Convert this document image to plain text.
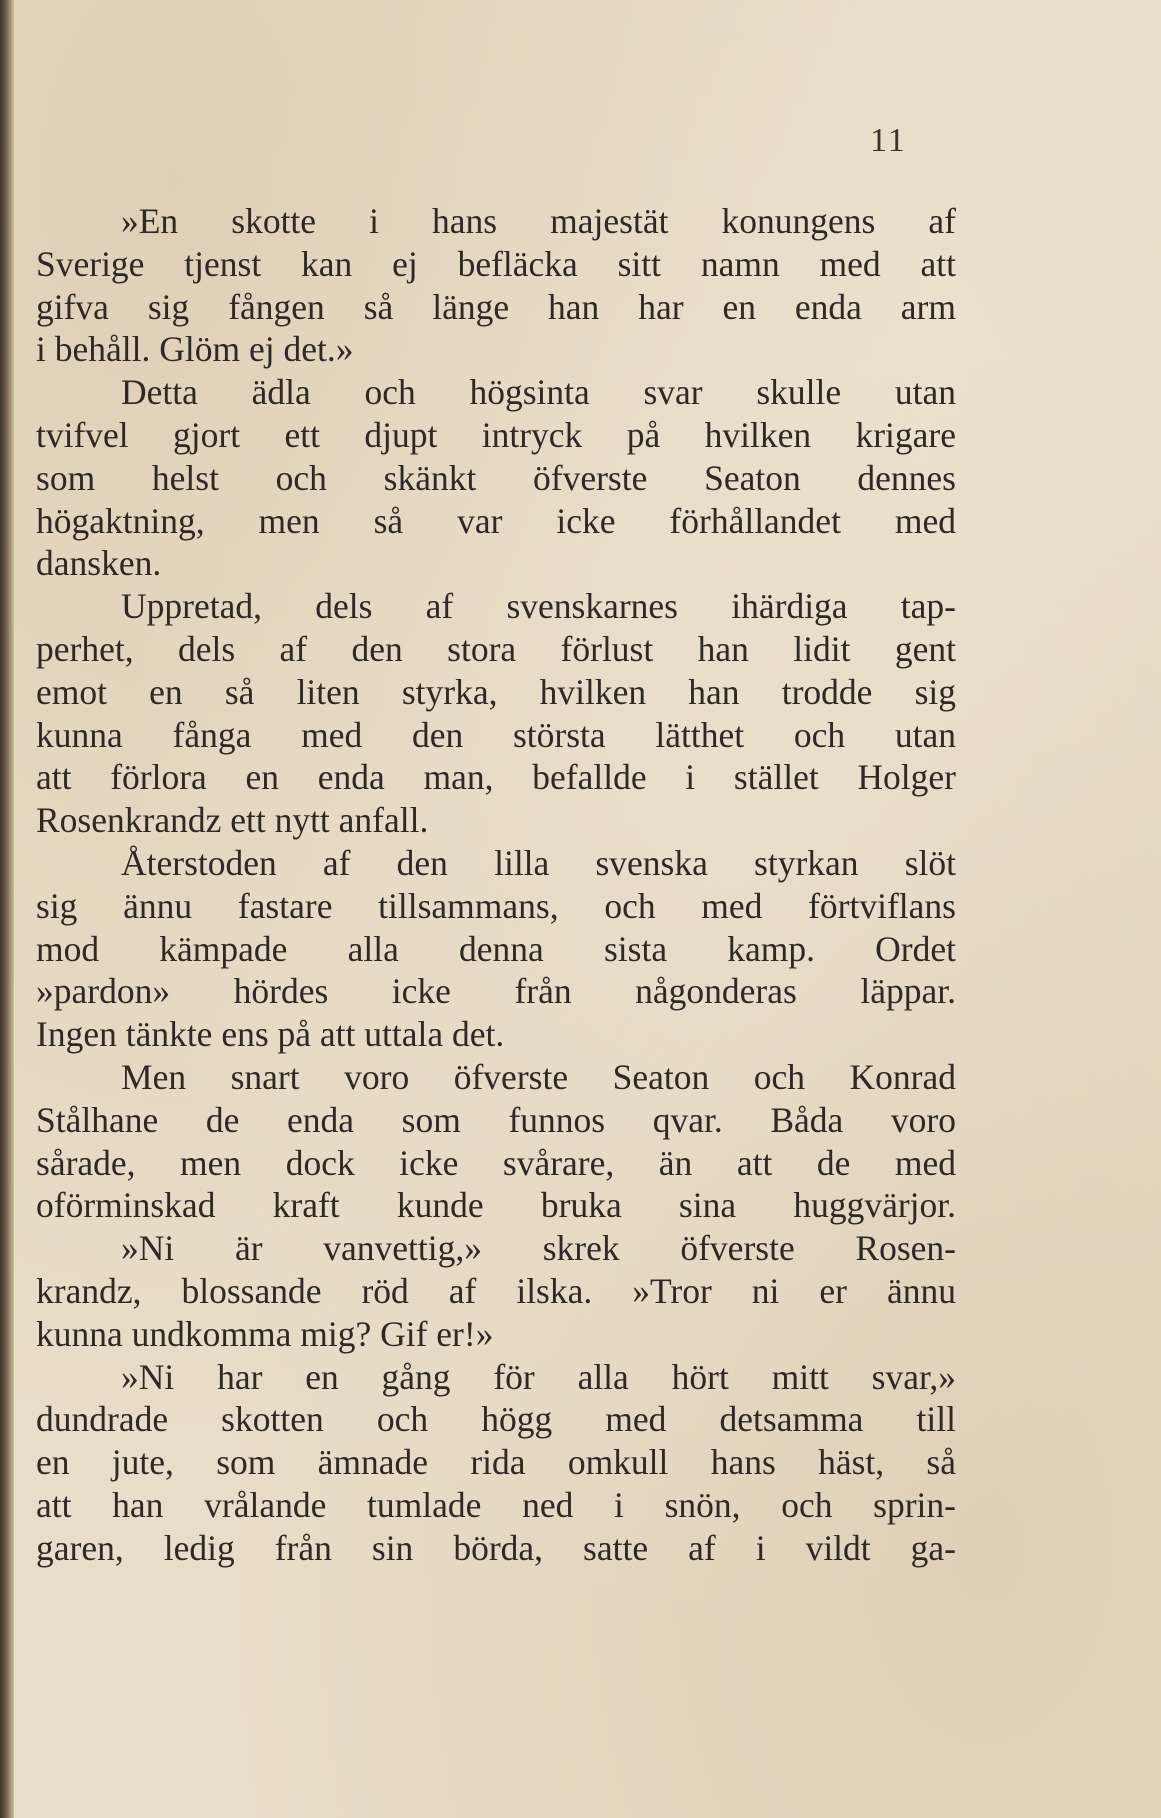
11
»En skotte i hans majestät konungens af
Sverige tjenst kan ej befläcka sitt namn med att
gifva sig fången så länge han har en enda arm
i behåll. Glöm ej det.»
Detta ädla och högsinta svar skulle utan
tvifvel gjort ett djupt intryck på hvilken krigare
som helst och skänkt öfverste Seaton dennes
högaktning, men så var icke förhållandet med
dansken.
Uppretad, dels af svenskarnes ihärdiga tap-
perhet, dels af den stora förlust han lidit gent
emot en så liten styrka, hvilken han trodde sig
kunna fånga med den största lätthet och utan
att förlora en enda man, befallde i stället Holger
Rosenkrandz ett nytt anfall.
Återstoden af den lilla svenska styrkan slöt
sig ännu fastare tillsammans, och med förtviflans
mod kämpade alla denna sista kamp. Ordet
»pardon» hördes icke från någonderas läppar.
Ingen tänkte ens på att uttala det.
Men snart voro öfverste Seaton och Konrad
Stålhane de enda som funnos qvar. Båda voro
sårade, men dock icke svårare, än att de med
oförminskad kraft kunde bruka sina huggvärjor.
»Ni är vanvettig,» skrek öfverste Rosen-
krandz, blossande röd af ilska. »Tror ni er ännu
kunna undkomma mig? Gif er!»
»Ni har en gång för alla hört mitt svar,»
dundrade skotten och högg med detsamma till
en jute, som ämnade rida omkull hans häst, så
att han vrålande tumlade ned i snön, och sprin-
garen, ledig från sin börda, satte af i vildt ga-
